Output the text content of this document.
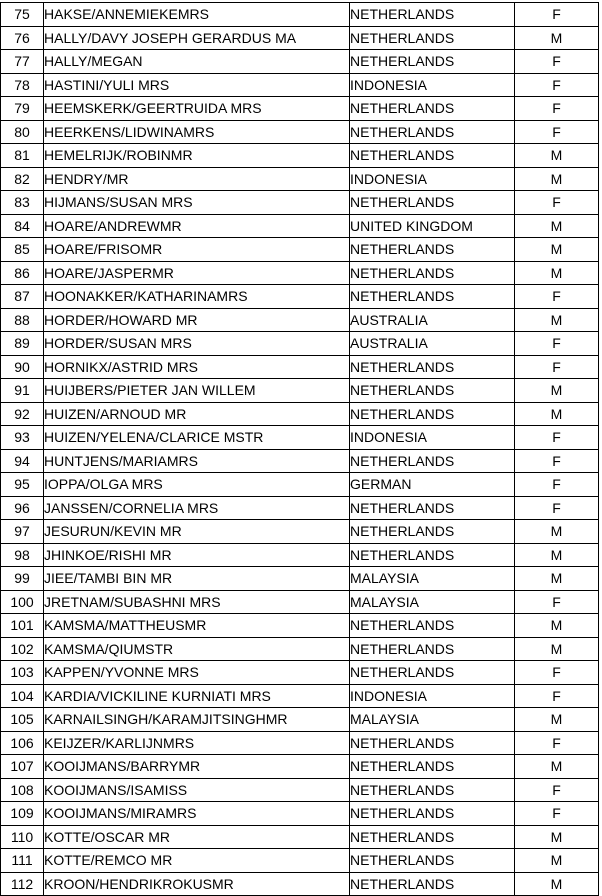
75	HAKSE/ANNEMIEKEMRS	NETHERLANDS	F
76	HALLY/DAVY JOSEPH GERARDUS MA	NETHERLANDS	M
77	HALLY/MEGAN	NETHERLANDS	F
78	HASTINI/YULI MRS	INDONESIA	F
79	HEEMSKERK/GEERTRUIDA MRS	NETHERLANDS	F
80	HEERKENS/LIDWINAMRS	NETHERLANDS	F
81	HEMELRIJK/ROBINMR	NETHERLANDS	M
82	HENDRY/MR	INDONESIA	M
83	HIJMANS/SUSAN MRS	NETHERLANDS	F
84	HOARE/ANDREWMR	UNITED KINGDOM	M
85	HOARE/FRISOMR	NETHERLANDS	M
86	HOARE/JASPERMR	NETHERLANDS	M
87	HOONAKKER/KATHARINAMRS	NETHERLANDS	F
88	HORDER/HOWARD MR	AUSTRALIA	M
89	HORDER/SUSAN MRS	AUSTRALIA	F
90	HORNIKX/ASTRID MRS	NETHERLANDS	F
91	HUIJBERS/PIETER JAN WILLEM	NETHERLANDS	M
92	HUIZEN/ARNOUD MR	NETHERLANDS	M
93	HUIZEN/YELENA/CLARICE MSTR	INDONESIA	F
94	HUNTJENS/MARIAMRS	NETHERLANDS	F
95	IOPPA/OLGA MRS	GERMAN	F
96	JANSSEN/CORNELIA MRS	NETHERLANDS	F
97	JESURUN/KEVIN MR	NETHERLANDS	M
98	JHINKOE/RISHI MR	NETHERLANDS	M
99	JIEE/TAMBI BIN MR	MALAYSIA	M
100	JRETNAM/SUBASHNI MRS	MALAYSIA	F
101	KAMSMA/MATTHEUSMR	NETHERLANDS	M
102	KAMSMA/QIUMSTR	NETHERLANDS	M
103	KAPPEN/YVONNE MRS	NETHERLANDS	F
104	KARDIA/VICKILINE KURNIATI MRS	INDONESIA	F
105	KARNAILSINGH/KARAMJITSINGHMR	MALAYSIA	M
106	KEIJZER/KARLIJNMRS	NETHERLANDS	F
107	KOOIJMANS/BARRYMR	NETHERLANDS	M
108	KOOIJMANS/ISAMISS	NETHERLANDS	F
109	KOOIJMANS/MIRAMRS	NETHERLANDS	F
110	KOTTE/OSCAR MR	NETHERLANDS	M
111	KOTTE/REMCO MR	NETHERLANDS	M
112	KROON/HENDRIKROKUSMR	NETHERLANDS	M
